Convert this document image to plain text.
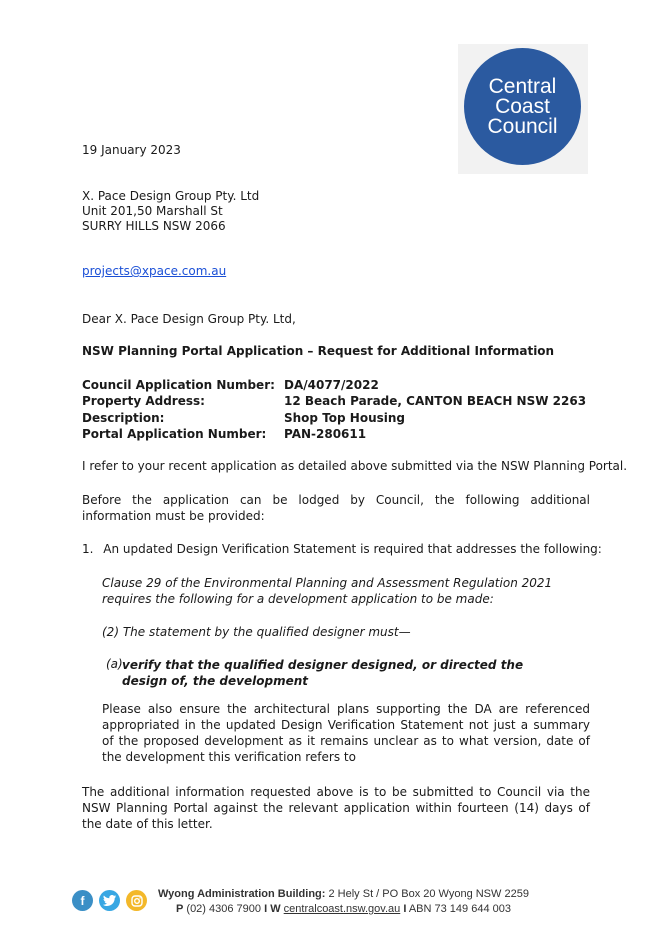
Central
Coast
Council
19 January 2023
X. Pace Design Group Pty. Ltd
Unit 201,50 Marshall St
SURRY HILLS NSW 2066
projects@xpace.com.au
Dear X. Pace Design Group Pty. Ltd,
NSW Planning Portal Application – Request for Additional Information
Council Application Number: DA/4077/2022
Property Address:	12 Beach Parade, CANTON BEACH NSW 2263
Description:	Shop Top Housing
Portal Application Number: PAN-280611
I refer to your recent application as detailed above submitted via the NSW Planning Portal.
Before the application can be lodged by Council, the following additional information must be provided:
1. An updated Design Verification Statement is required that addresses the following:
Clause 29 of the Environmental Planning and Assessment Regulation 2021 requires the following for a development application to be made:
(2) The statement by the qualified designer must—
(a) verify that the qualified designer designed, or directed the design of, the development
Please also ensure the architectural plans supporting the DA are referenced appropriated in the updated Design Verification Statement not just a summary of the proposed development as it remains unclear as to what version, date of the development this verification refers to
The additional information requested above is to be submitted to Council via the NSW Planning Portal against the relevant application within fourteen (14) days of the date of this letter.
f	Wyong Administration Building: 2 Hely St / PO Box 20 Wyong NSW 2259
P (02) 4306 7900 I W centralcoast.nsw.gov.au I ABN 73 149 644 003
